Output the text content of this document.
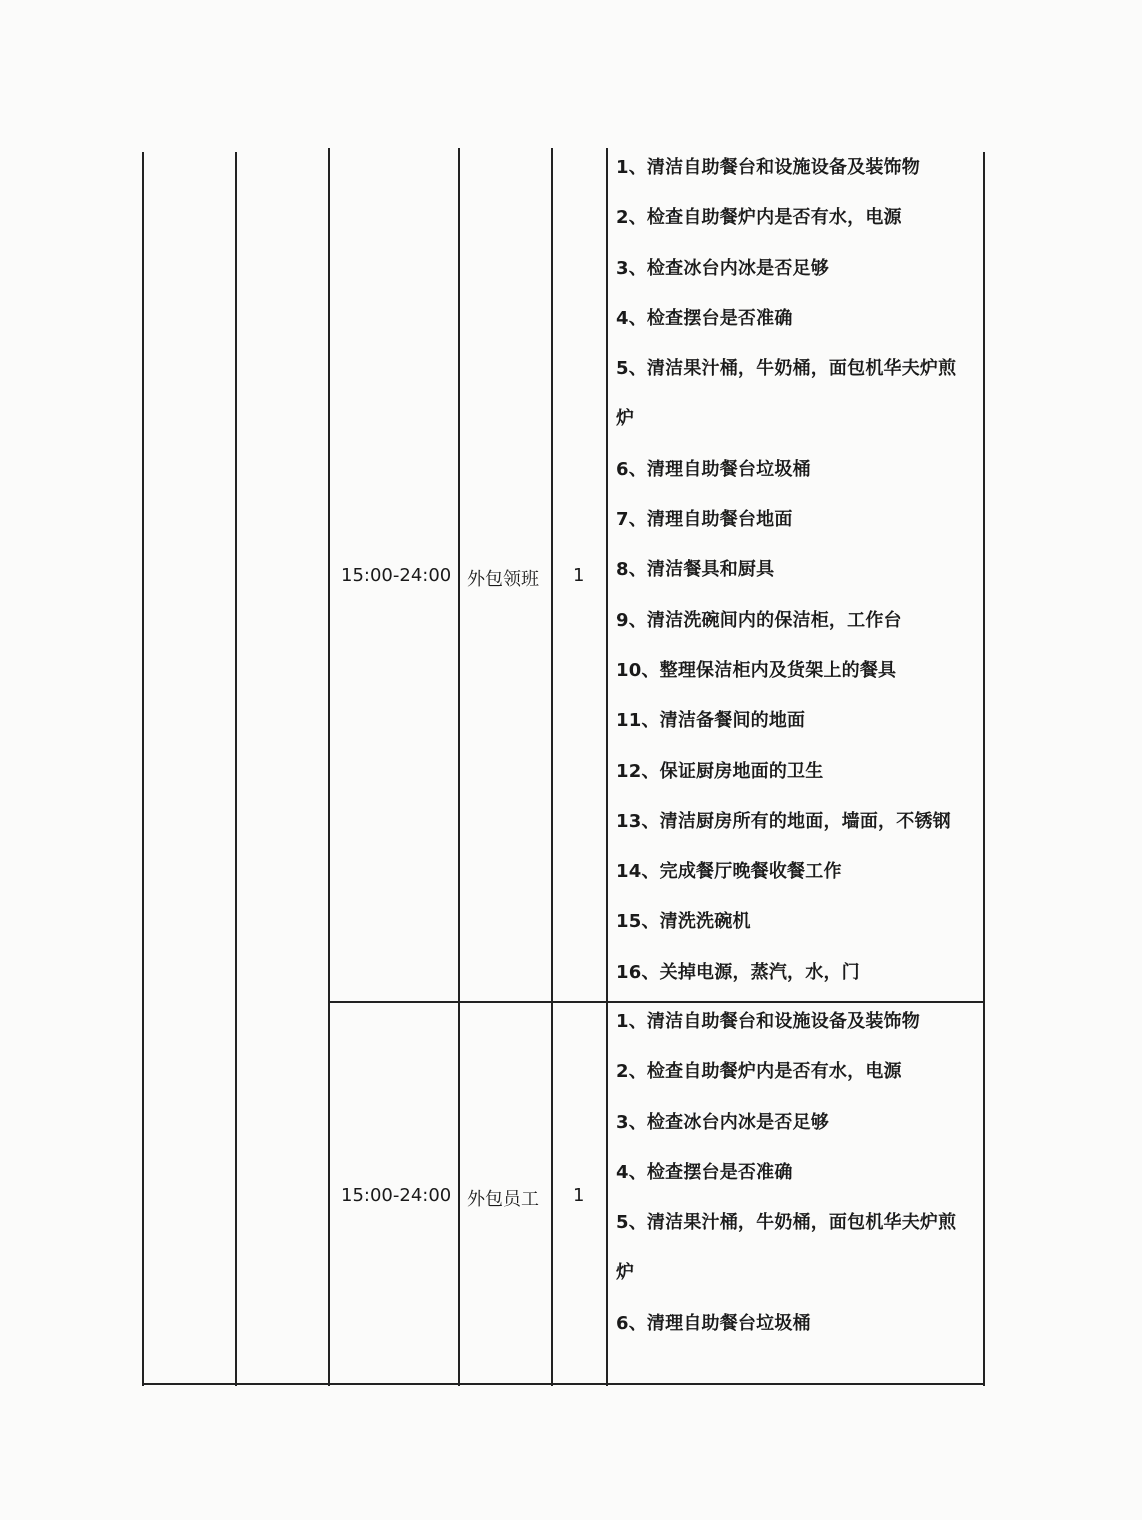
15:00-24:00 外包领班 1
1、清洁自助餐台和设施设备及装饰物
2、检查自助餐炉内是否有水，电源
3、检查冰台内冰是否足够
4、检查摆台是否准确
5、清洁果汁桶，牛奶桶，面包机华夫炉煎
炉
6、清理自助餐台垃圾桶
7、清理自助餐台地面
8、清洁餐具和厨具
9、清洁洗碗间内的保洁柜，工作台
10、整理保洁柜内及货架上的餐具
11、清洁备餐间的地面
12、保证厨房地面的卫生
13、清洁厨房所有的地面，墙面，不锈钢
14、完成餐厅晚餐收餐工作
15、清洗洗碗机
16、关掉电源，蒸汽，水，门
15:00-24:00 外包员工 1
1、清洁自助餐台和设施设备及装饰物
2、检查自助餐炉内是否有水，电源
3、检查冰台内冰是否足够
4、检查摆台是否准确
5、清洁果汁桶，牛奶桶，面包机华夫炉煎
炉
6、清理自助餐台垃圾桶
